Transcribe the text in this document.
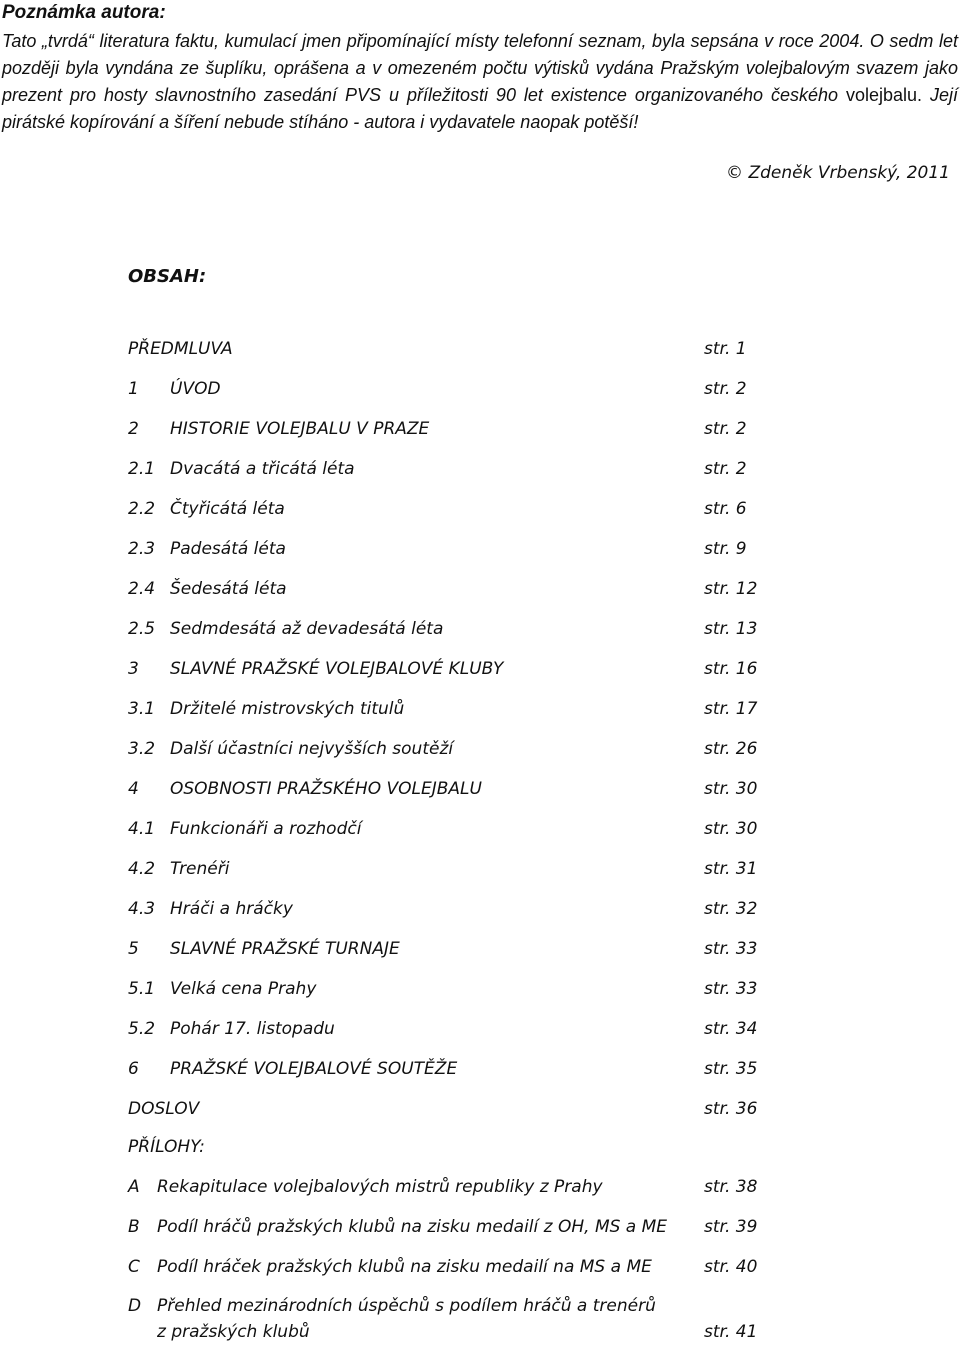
Poznámka autora:

Tato „tvrdá“ literatura faktu, kumulací jmen připomínající místy telefonní seznam, byla sepsána v roce 2004. O sedm let později byla vyndána ze šuplíku, oprášena a v omezeném počtu výtisků vydána Pražským volejbalovým svazem jako prezent pro hosty slavnostního zasedání PVS u příležitosti 90 let existence organizovaného českého volejbalu. Její pirátské kopírování a šíření nebude stíháno - autora i vydavatele naopak potěší!

© Zdeněk Vrbenský, 2011

OBSAH:
PŘEDMLUVA	str. 1
1 ÚVOD	str. 2
2 HISTORIE VOLEJBALU V PRAZE	str. 2
2.1 Dvacátá a třicátá léta	str. 2
2.2 Čtyřicátá léta	str. 6
2.3 Padesátá léta	str. 9
2.4 Šedesátá léta	str. 12
2.5 Sedmdesátá až devadesátá léta	str. 13
3 SLAVNÉ PRAŽSKÉ VOLEJBALOVÉ KLUBY	str. 16
3.1 Držitelé mistrovských titulů	str. 17
3.2 Další účastníci nejvyšších soutěží	str. 26
4 OSOBNOSTI PRAŽSKÉHO VOLEJBALU	str. 30
4.1 Funkcionáři a rozhodčí	str. 30
4.2 Trenéři	str. 31
4.3 Hráči a hráčky	str. 32
5 SLAVNÉ PRAŽSKÉ TURNAJE	str. 33
5.1 Velká cena Prahy	str. 33
5.2 Pohár 17. listopadu	str. 34
6 PRAŽSKÉ VOLEJBALOVÉ SOUTĚŽE	str. 35
DOSLOV	str. 36
PŘÍLOHY:
A Rekapitulace volejbalových mistrů republiky z Prahy	str. 38
B Podíl hráčů pražských klubů na zisku medailí z OH, MS a ME str. 39
C Podíl hráček pražských klubů na zisku medailí na MS a ME	str. 40
D Přehled mezinárodních úspěchů s podílem hráčů a trenérů
z pražských klubů	str. 41
